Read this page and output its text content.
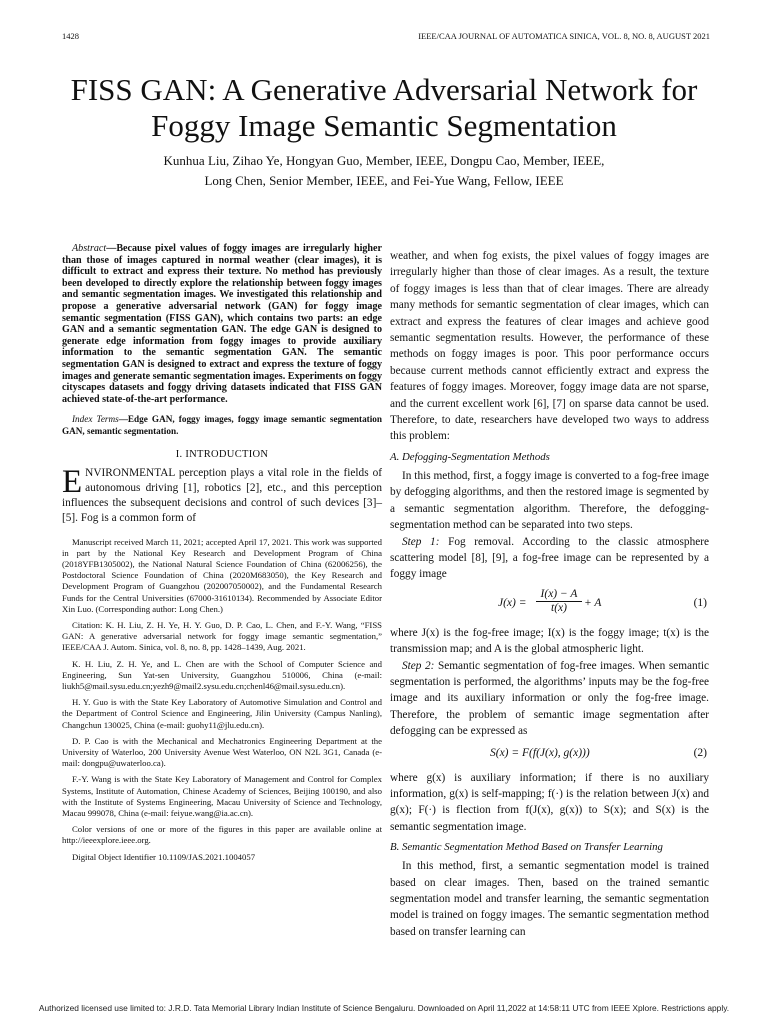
1428	IEEE/CAA JOURNAL OF AUTOMATICA SINICA, VOL. 8, NO. 8, AUGUST 2021
FISS GAN: A Generative Adversarial Network for
Foggy Image Semantic Segmentation
Kunhua Liu, Zihao Ye, Hongyan Guo, Member, IEEE, Dongpu Cao, Member, IEEE,
Long Chen, Senior Member, IEEE, and Fei-Yue Wang, Fellow, IEEE

Abstract—Because pixel values of foggy images are irregularly higher than those of images captured in normal weather (clear images), it is difficult to extract and express their texture. No method has previously been developed to directly explore the relationship between foggy images and semantic segmentation images. We investigated this relationship and propose a generative adversarial network (GAN) for foggy image semantic segmentation (FISS GAN), which contains two parts: an edge GAN and a semantic segmentation GAN. The edge GAN is designed to generate edge information from foggy images to provide auxiliary information to the semantic segmentation GAN. The semantic segmentation GAN is designed to extract and express the texture of foggy images and generate semantic segmentation images. Experiments on foggy cityscapes datasets and foggy driving datasets indicated that FISS GAN achieved state-of-the-art performance.

Index Terms—Edge GAN, foggy images, foggy image semantic segmentation GAN, semantic segmentation.

I. INTRODUCTION

ENVIRONMENTAL perception plays a vital role in the fields of autonomous driving [1], robotics [2], etc., and this perception influences the subsequent decisions and control of such devices [3]–[5]. Fog is a common form of

Manuscript received March 11, 2021; accepted April 17, 2021. This work was supported in part by the National Key Research and Development Program of China (2018YFB1305002), the National Natural Science Foundation of China (62006256), the Postdoctoral Science Foundation of China (2020M683050), the Key Research and Development Program of Guangzhou (202007050002), and the Fundamental Research Funds for the Central Universities (67000-31610134). Recommended by Associate Editor Xin Luo. (Corresponding author: Long Chen.)

Citation: K. H. Liu, Z. H. Ye, H. Y. Guo, D. P. Cao, L. Chen, and F.-Y. Wang, “FISS GAN: A generative adversarial network for foggy image semantic segmentation,” IEEE/CAA J. Autom. Sinica, vol. 8, no. 8, pp. 1428–1439, Aug. 2021.

K. H. Liu, Z. H. Ye, and L. Chen are with the School of Computer Science and Engineering, Sun Yat-sen University, Guangzhou 510006, China (e-mail: liukh5@mail.sysu.edu.cn;yezh9@mail2.sysu.edu.cn;chenl46@mail.sysu.edu.cn).

H. Y. Guo is with the State Key Laboratory of Automotive Simulation and Control and the Department of Control Science and Engineering, Jilin University (Campus Nanling), Changchun 130025, China (e-mail: guohy11@jlu.edu.cn).

D. P. Cao is with the Mechanical and Mechatronics Engineering Department at the University of Waterloo, 200 University Avenue West Waterloo, ON N2L 3G1, Canada (e-mail: dongpu@uwaterloo.ca).

F.-Y. Wang is with the State Key Laboratory of Management and Control for Complex Systems, Institute of Automation, Chinese Academy of Sciences, Beijing 100190, and also with the Institute of Systems Engineering, Macau University of Science and Technology, Macau 999078, China (e-mail: feiyue.wang@ia.ac.cn).

Color versions of one or more of the figures in this paper are available online at http://ieeexplore.ieee.org.

Digital Object Identifier 10.1109/JAS.2021.1004057

weather, and when fog exists, the pixel values of foggy images are irregularly higher than those of clear images. As a result, the texture of foggy images is less than that of clear images. There are already many methods for semantic segmentation of clear images, which can extract and express the features of clear images and achieve good semantic segmentation results. However, the performance of these methods on foggy images is poor. This poor performance occurs because current methods cannot efficiently extract and express the features of foggy images. Moreover, foggy image data are not sparse, and the current excellent work [6], [7] on sparse data cannot be used. Therefore, to date, researchers have developed two ways to address this problem:

A. Defogging-Segmentation Methods

In this method, first, a foggy image is converted to a fog-free image by defogging algorithms, and then the restored image is segmented by a semantic segmentation algorithm. Therefore, the defogging-segmentation method can be separated into two steps.

Step 1: Fog removal. According to the classic atmosphere scattering model [8], [9], a fog-free image can be represented by a foggy image

$J(x) = \frac{I(x) - A}{t(x)} + A$	(1)

where J(x) is the fog-free image; I(x) is the foggy image; t(x) is the transmission map; and A is the global atmospheric light.

Step 2: Semantic segmentation of fog-free images. When semantic segmentation is performed, the algorithms’ inputs may be the fog-free image and its auxiliary information or only the fog-free image. Therefore, the problem of semantic image segmentation after defogging can be expressed as

S(x) = F(f(J(x), g(x)))	(2)

where g(x) is auxiliary information; if there is no auxiliary information, g(x) is self-mapping; f(·) is the relation between J(x) and g(x); F(·) is flection from f(J(x), g(x)) to S(x); and S(x) is the semantic segmentation image.

B. Semantic Segmentation Method Based on Transfer Learning

In this method, first, a semantic segmentation model is trained based on clear images. Then, based on the trained semantic segmentation model and transfer learning, the semantic segmentation model is trained on foggy images. The semantic segmentation method based on transfer learning can

Authorized licensed use limited to: J.R.D. Tata Memorial Library Indian Institute of Science Bengaluru. Downloaded on April 11,2022 at 14:58:11 UTC from IEEE Xplore. Restrictions apply.
